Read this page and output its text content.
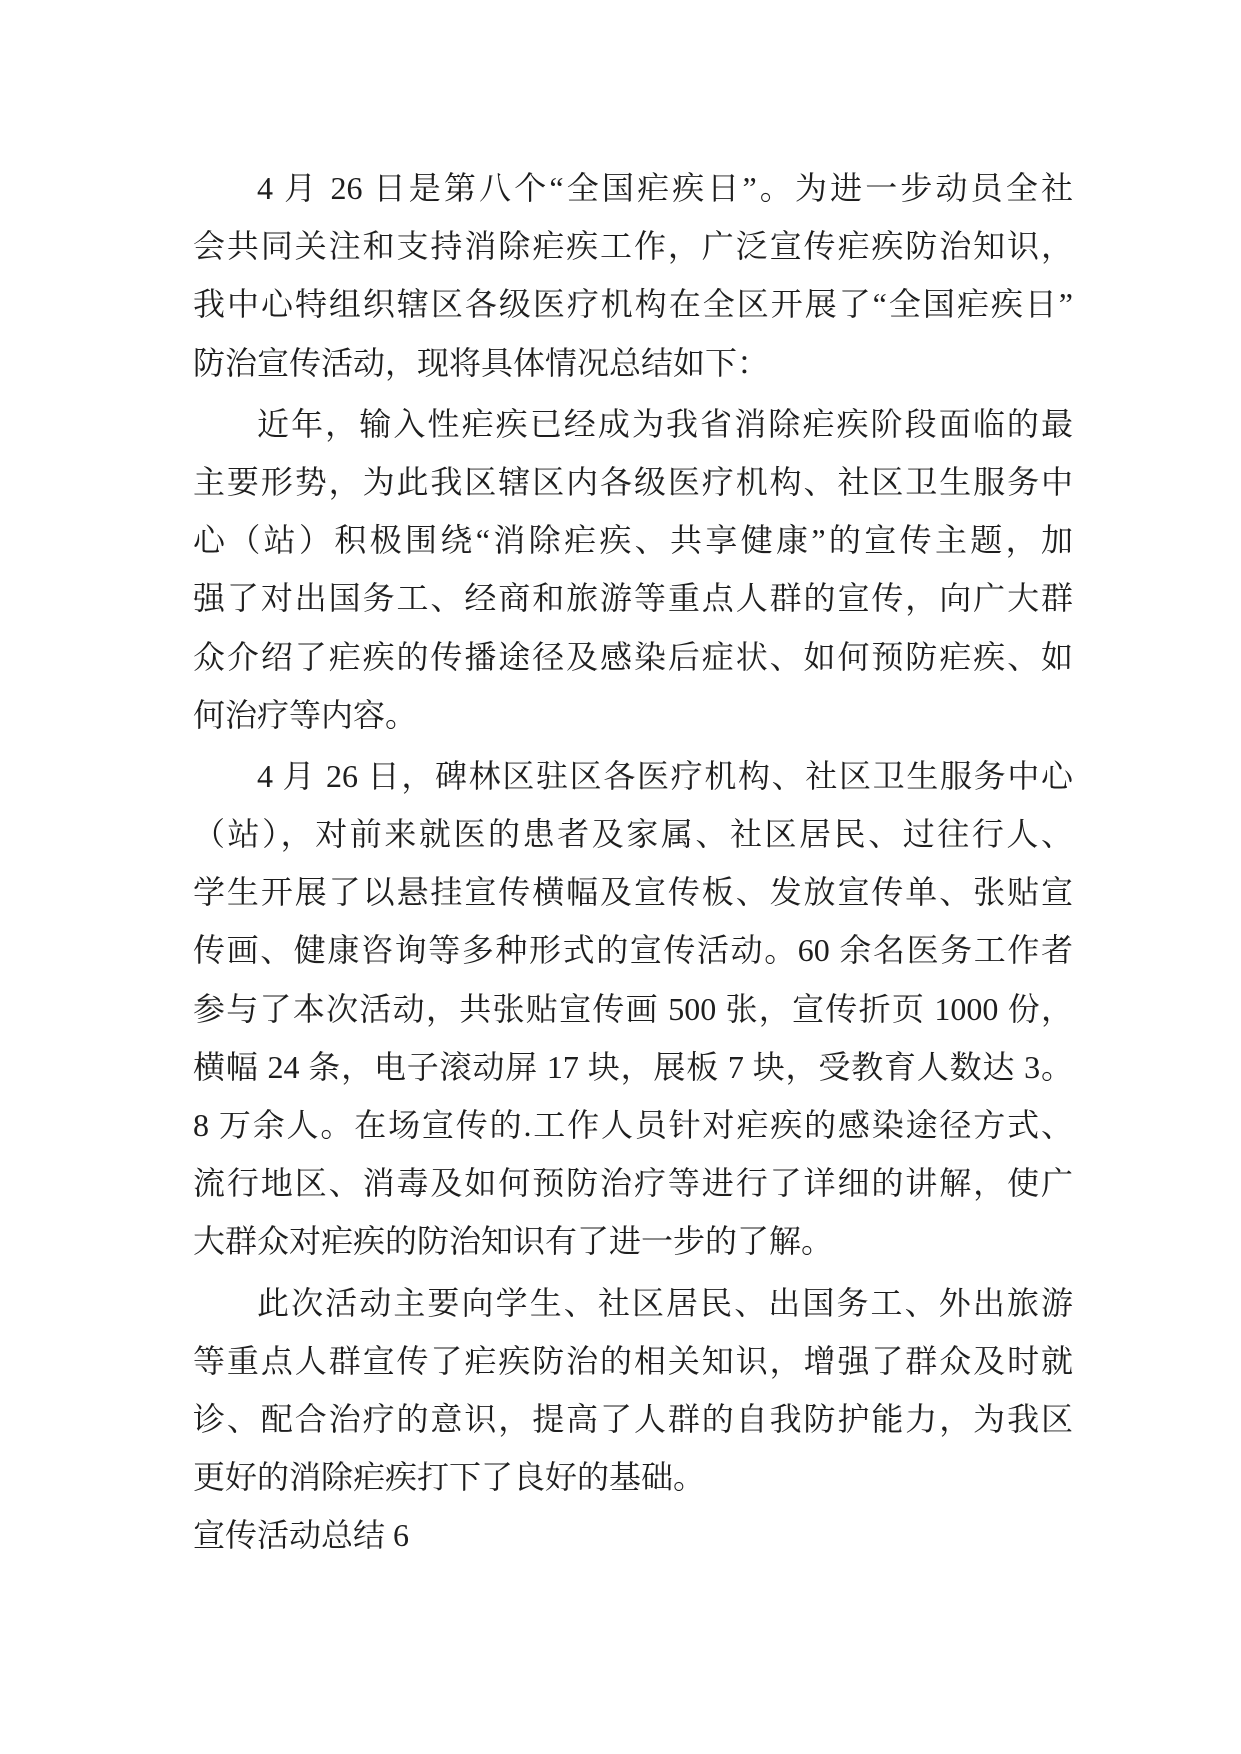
4 月 26 日是第八个“全国疟疾日”。为进一步动员全社
会共同关注和支持消除疟疾工作，广泛宣传疟疾防治知识，
我中心特组织辖区各级医疗机构在全区开展了“全国疟疾日”
防治宣传活动，现将具体情况总结如下：
近年，输入性疟疾已经成为我省消除疟疾阶段面临的最
主要形势，为此我区辖区内各级医疗机构、社区卫生服务中
心（站）积极围绕“消除疟疾、共享健康”的宣传主题，加
强了对出国务工、经商和旅游等重点人群的宣传，向广大群
众介绍了疟疾的传播途径及感染后症状、如何预防疟疾、如
何治疗等内容。
4 月 26 日，碑林区驻区各医疗机构、社区卫生服务中心
（站），对前来就医的患者及家属、社区居民、过往行人、
学生开展了以悬挂宣传横幅及宣传板、发放宣传单、张贴宣
传画、健康咨询等多种形式的宣传活动。60 余名医务工作者
参与了本次活动，共张贴宣传画 500 张，宣传折页 1000 份，
横幅 24 条，电子滚动屏 17 块，展板 7 块，受教育人数达 3。
8 万余人。在场宣传的.工作人员针对疟疾的感染途径方式、
流行地区、消毒及如何预防治疗等进行了详细的讲解，使广
大群众对疟疾的防治知识有了进一步的了解。
此次活动主要向学生、社区居民、出国务工、外出旅游
等重点人群宣传了疟疾防治的相关知识，增强了群众及时就
诊、配合治疗的意识，提高了人群的自我防护能力，为我区
更好的消除疟疾打下了良好的基础。
宣传活动总结 6
